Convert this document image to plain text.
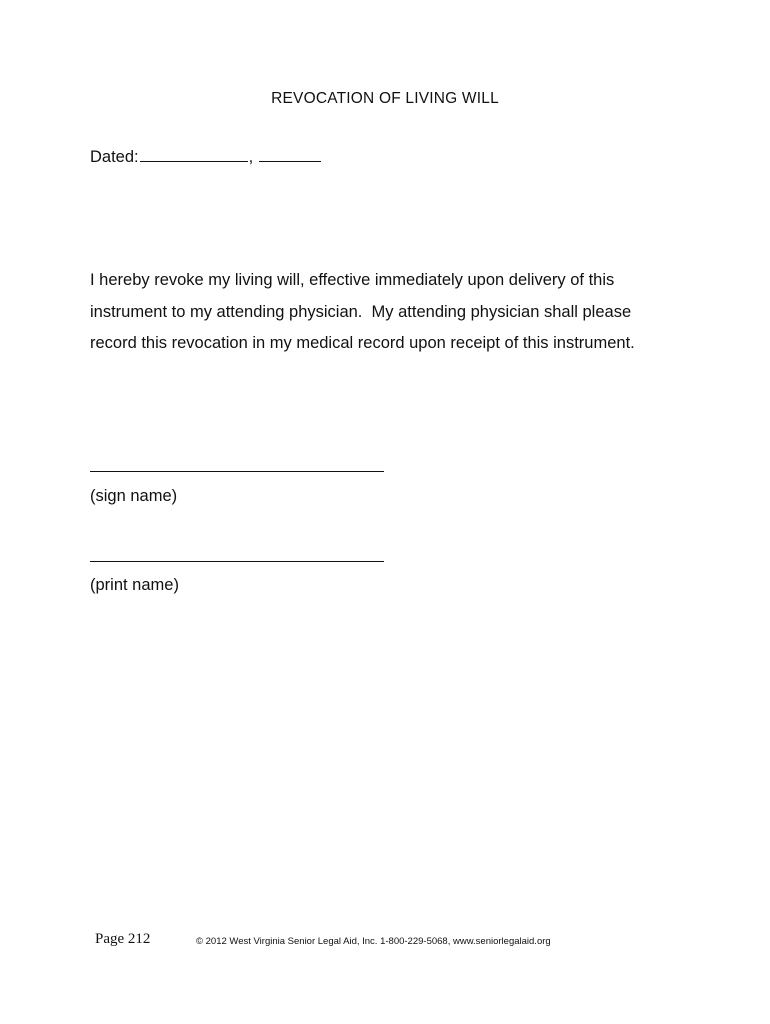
REVOCATION OF LIVING WILL
Dated:	,
I hereby revoke my living will, effective immediately upon delivery of this
instrument to my attending physician.  My attending physician shall please
record this revocation in my medical record upon receipt of this instrument.
(sign name)
(print name)
Page 212	© 2012 West Virginia Senior Legal Aid, Inc. 1-800-229-5068, www.seniorlegalaid.org
